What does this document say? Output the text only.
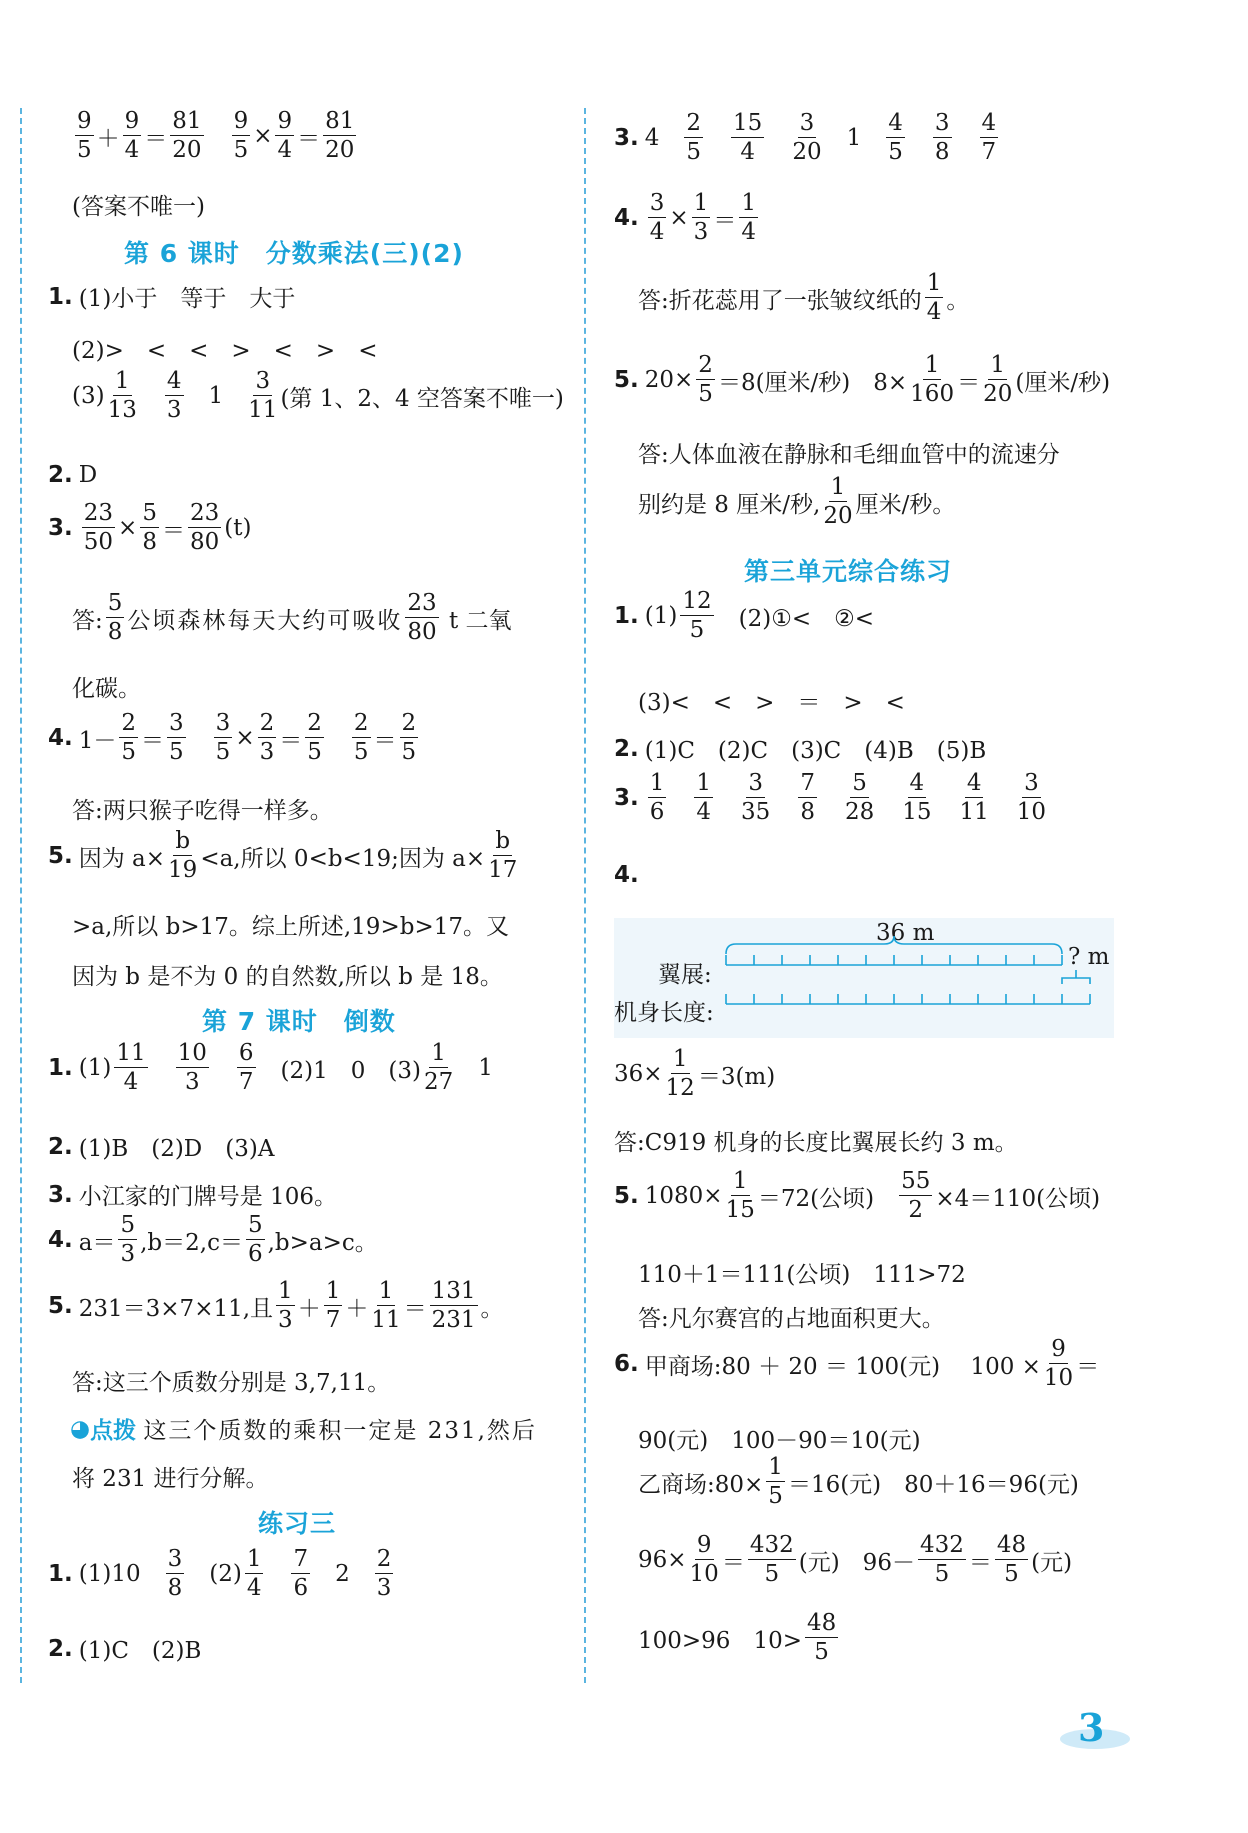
9
5 ＋
9
4 ＝
81
20
9
5
×
9
4 ＝
81
20
(答案不唯一)
第 6 课时　分数乘法(三)(2)
1. (1)小于　等于　大于
(2)>　<　<　>　<　>　<
(3)
1
13
4
3
1
3
11 (第 1、2、4 空答案不唯一)
2. D
3.
23
50
×
5
8 ＝
23
80
(t)
答:
5
8 公顷森林每天大约可吸收
23
80
t 二氧
化碳。
4. 1－
2
5 ＝
3
5
3
5
×
2
3 ＝
2
5
2
5 ＝
2
5
答:两只猴子吃得一样多。
5. 因为 $a\times \frac{b}{19} <a$,所以 0<b<19;因为 $a\times \frac{b}{17}$
>a,所以 b>17。综上所述,19>b>17。又
因为 b 是不为 0 的自然数,所以 b 是 18。
第 7 课时　倒数
1. (1)
11
4
10
3
6
7 (2)1　0　(3)
1
27
1
2. (1)B　(2)D　(3)A
3. 小江家的门牌号是 106。
4. a＝
5
3 ,b＝2,c＝
5
6 ,b>a>c。
5. 231＝3×7×11,且
1
3 ＋
1
7 ＋
1
11 ＝
131
231 。
答:这三个质数分别是 3,7,11。
◕ 点拨
这三个质数的乘积一定是 231,然后
将 231 进行分解。
练习三
1. (1)10
3
8
(2)
1
4
7
6
2
2
3
2. (1)C　(2)B
3. 4
2
5
15
4
3
20
1
4
5
3
8
4
7
4.
3
4
×
1
3 ＝
1
4
答:折花蕊用了一张皱纹纸的
1
4 。
5. $20\times \frac{2}{5} =8$(厘米/秒)　$8\times \frac{1}{160}$ ＝
1
20 (厘米/秒)
答:人体血液在静脉和毛细血管中的流速分
别约是 8 厘米/秒,
1
20 厘米/秒。
第三单元综合练习
1. (1)
12
5 (2)①<　②<
(3)<　<　>　＝　>　<
2. (1)C　(2)C　(3)C　(4)B　(5)B
3.
1
6
1
4
3
35
7
8
5
28
4
15
4
11
3
10
4.
36 m
翼展:
机身长度:
? m
$36\times \frac{1}{12} =3(m)$
答:C919 机身的长度比翼展长约 3 m。
5. $1080\times \frac{1}{15} =72$(公顷) $\frac{55}{2} \times 4=110$(公顷)
110＋1＝111(公顷)　111>72
答:凡尔赛宫的占地面积更大。
6. 甲商场:80 ＋ 20 ＝ 100(元)　 $100 \times \frac{9}{10}$ ＝
90(元)　100－90＝10(元)
乙商场:80× $\frac{1}{5} =16$(元)　80＋16＝96(元)
$96\times \frac{9}{10}$ ＝
432
5 (元)　96－
432
5 ＝
48
5 (元)
100>96　10>
48
5
3
